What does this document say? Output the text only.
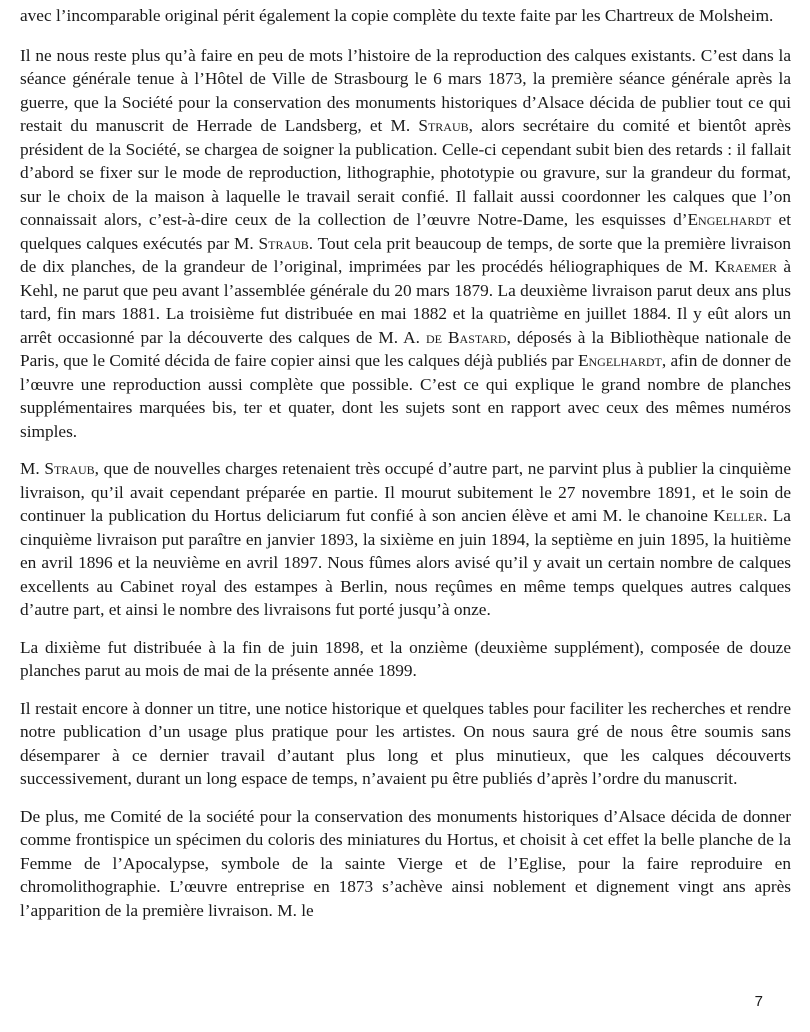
avec l’incomparable original périt également la copie complète du texte faite par les Chartreux de Molsheim.

Il ne nous reste plus qu’à faire en peu de mots l’histoire de la reproduction des calques existants. C’est dans la séance générale tenue à l’Hôtel de Ville de Strasbourg le 6 mars 1873, la première séance générale après la guerre, que la Société pour la conservation des monuments historiques d’Alsace décida de publier tout ce qui restait du manuscrit de Herrade de Landsberg, et M. Straub, alors secrétaire du comité et bientôt après président de la Société, se chargea de soigner la publication. Celle-ci cependant subit bien des retards : il fallait d’abord se fixer sur le mode de reproduction, lithographie, phototypie ou gravure, sur la grandeur du format, sur le choix de la maison à laquelle le travail serait confié. Il fallait aussi coordonner les calques que l’on connaissait alors, c’est-à-dire ceux de la collection de l’œuvre Notre-Dame, les esquisses d’Engelhardt et quelques calques exécutés par M. Straub. Tout cela prit beaucoup de temps, de sorte que la première livraison de dix planches, de la grandeur de l’original, imprimées par les procédés héliographiques de M. Kraemer à Kehl, ne parut que peu avant l’assemblée générale du 20 mars 1879. La deuxième livraison parut deux ans plus tard, fin mars 1881. La troisième fut distribuée en mai 1882 et la quatrième en juillet 1884. Il y eût alors un arrêt occasionné par la découverte des calques de M. A. de Bastard, déposés à la Bibliothèque nationale de Paris, que le Comité décida de faire copier ainsi que les calques déjà publiés par Engelhardt, afin de donner de l’œuvre une reproduction aussi complète que possible. C’est ce qui explique le grand nombre de planches supplémentaires marquées bis, ter et quater, dont les sujets sont en rapport avec ceux des mêmes numéros simples.

M. Straub, que de nouvelles charges retenaient très occupé d’autre part, ne parvint plus à publier la cinquième livraison, qu’il avait cependant préparée en partie. Il mourut subitement le 27 novembre 1891, et le soin de continuer la publication du Hortus deliciarum fut confié à son ancien élève et ami M. le chanoine Keller. La cinquième livraison put paraître en janvier 1893, la sixième en juin 1894, la septième en juin 1895, la huitième en avril 1896 et la neuvième en avril 1897. Nous fûmes alors avisé qu’il y avait un certain nombre de calques excellents au Cabinet royal des estampes à Berlin, nous reçûmes en même temps quelques autres calques d’autre part, et ainsi le nombre des livraisons fut porté jusqu’à onze.

La dixième fut distribuée à la fin de juin 1898, et la onzième (deuxième supplément), composée de douze planches parut au mois de mai de la présente année 1899.

Il restait encore à donner un titre, une notice historique et quelques tables pour faciliter les recherches et rendre notre publication d’un usage plus pratique pour les artistes. On nous saura gré de nous être soumis sans désemparer à ce dernier travail d’autant plus long et plus minutieux, que les calques découverts successivement, durant un long espace de temps, n’avaient pu être publiés d’après l’ordre du manuscrit.

De plus, me Comité de la société pour la conservation des monuments historiques d’Alsace décida de donner comme frontispice un spécimen du coloris des miniatures du Hortus, et choisit à cet effet la belle planche de la Femme de l’Apocalypse, symbole de la sainte Vierge et de l’Eglise, pour la faire reproduire en chromolithographie. L’œuvre entreprise en 1873 s’achève ainsi noblement et dignement vingt ans après l’apparition de la première livraison. M. le

7
